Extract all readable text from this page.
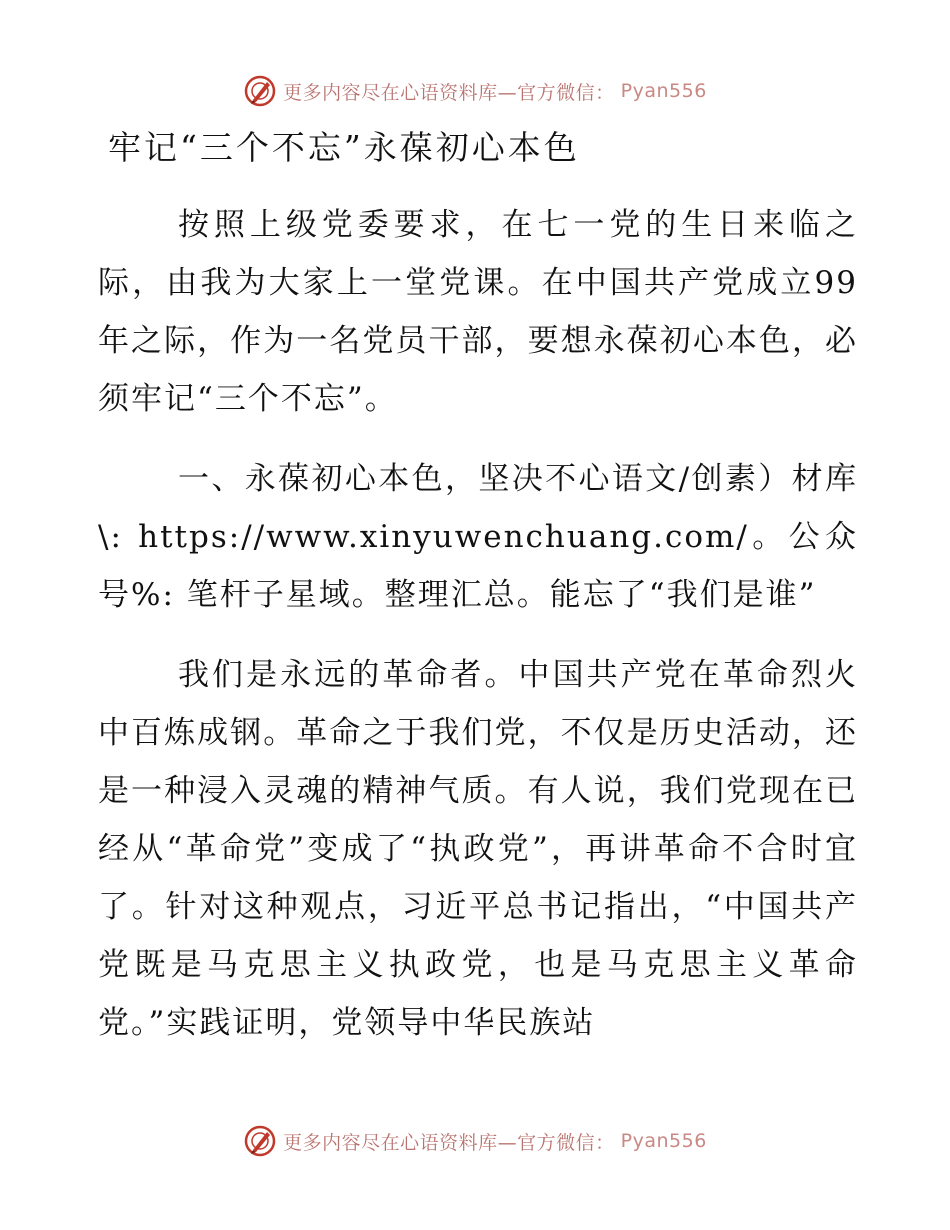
更多内容尽在心语资料库—官方微信： Pyan556
牢记“三个不忘”永葆初心本色

按照上级党委要求，在七一党的生日来临之际，由我为大家上一堂党课。在中国共产党成立99年之际，作为一名党员干部，要想永葆初心本色，必须牢记“三个不忘”。

一、永葆初心本色，坚决不心语文/创素）材库\: https://www.xinyuwenchuang.com/。公众号%: 笔杆子星域。整理汇总。能忘了“我们是谁”

我们是永远的革命者。中国共产党在革命烈火中百炼成钢。革命之于我们党，不仅是历史活动，还是一种浸入灵魂的精神气质。有人说，我们党现在已经从“革命党”变成了“执政党”，再讲革命不合时宜了。针对这种观点，习近平总书记指出，“中国共产党既是马克思主义执政党，也是马克思主义革命党。”实践证明，党领导中华民族站

更多内容尽在心语资料库—官方微信： Pyan556
